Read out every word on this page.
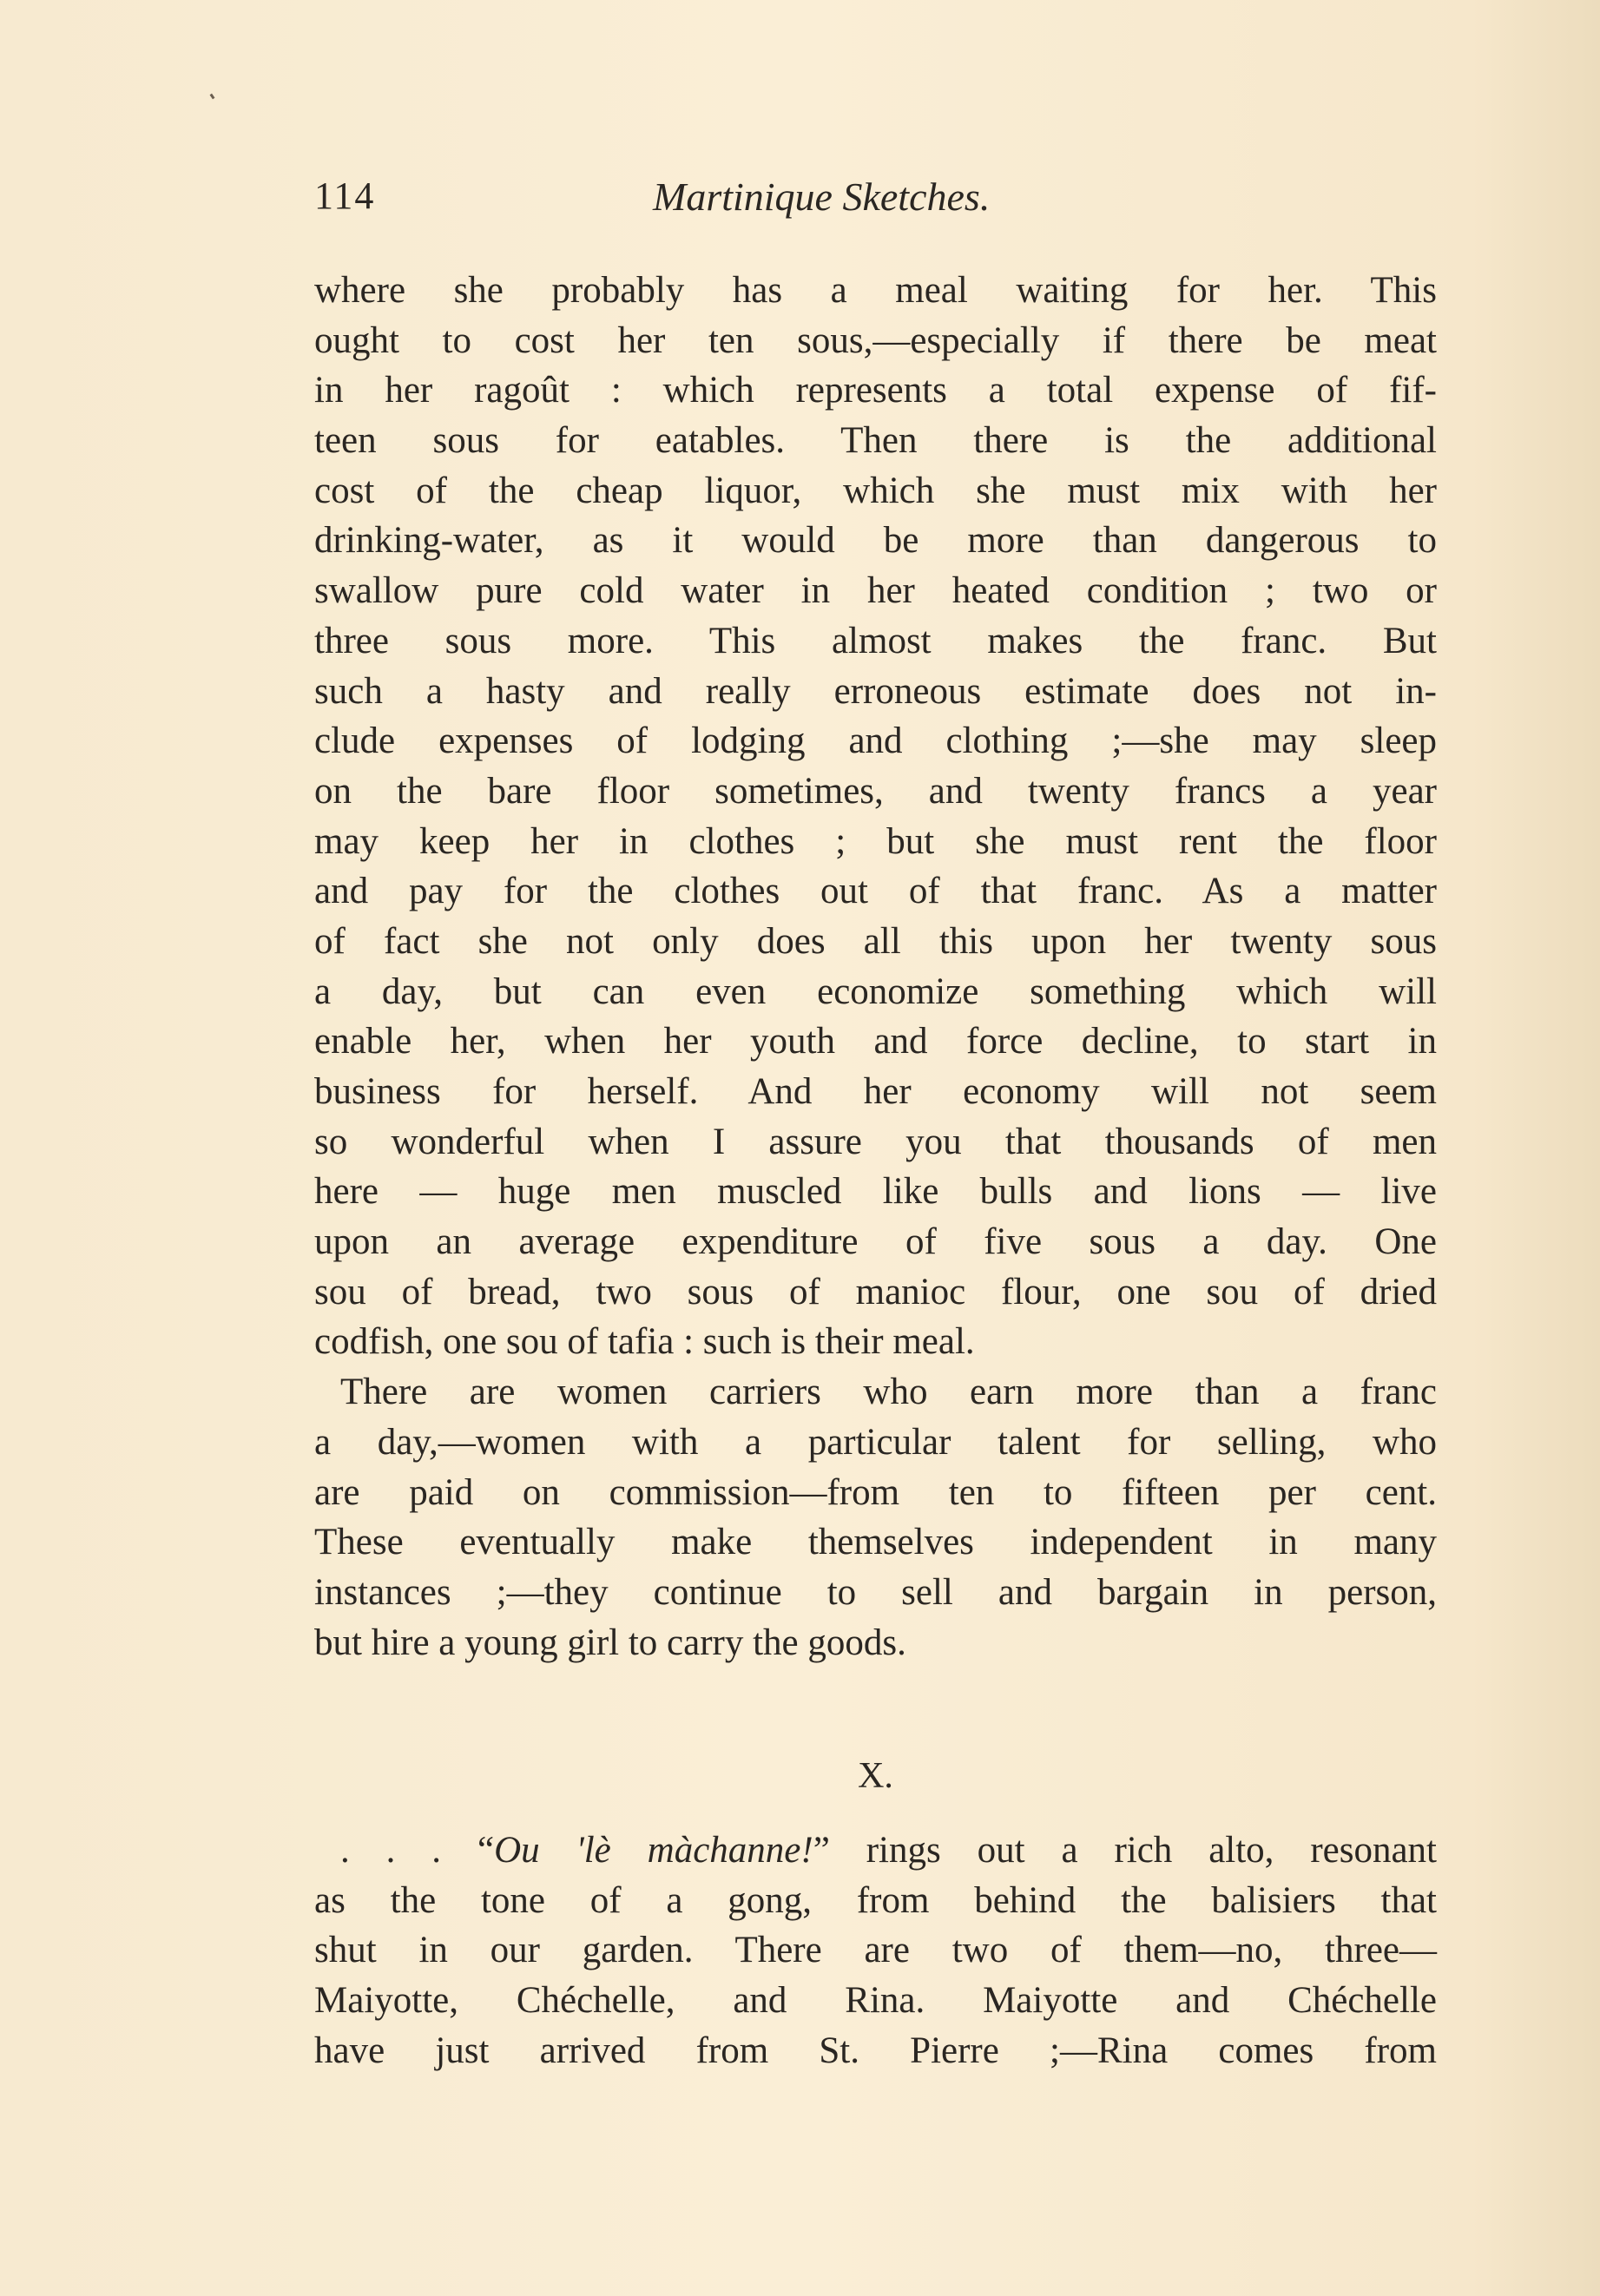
114	Martinique Sketches.
where she probably has a meal waiting for her. This
ought to cost her ten sous,—especially if there be meat
in her ragoût : which represents a total expense of fif-
teen sous for eatables. Then there is the additional
cost of the cheap liquor, which she must mix with her
drinking-water, as it would be more than dangerous to
swallow pure cold water in her heated condition ; two or
three sous more. This almost makes the franc. But
such a hasty and really erroneous estimate does not in-
clude expenses of lodging and clothing ;—she may sleep
on the bare floor sometimes, and twenty francs a year
may keep her in clothes ; but she must rent the floor
and pay for the clothes out of that franc. As a matter
of fact she not only does all this upon her twenty sous
a day, but can even economize something which will
enable her, when her youth and force decline, to start in
business for herself. And her economy will not seem
so wonderful when I assure you that thousands of men
here — huge men muscled like bulls and lions — live
upon an average expenditure of five sous a day. One
sou of bread, two sous of manioc flour, one sou of dried
codfish, one sou of tafia : such is their meal.
There are women carriers who earn more than a franc
a day,—women with a particular talent for selling, who
are paid on commission—from ten to fifteen per cent.
These eventually make themselves independent in many
instances ;—they continue to sell and bargain in person,
but hire a young girl to carry the goods.
X.
. . . “Ou 'lè màchanne!” rings out a rich alto, resonant
as the tone of a gong, from behind the balisiers that
shut in our garden. There are two of them—no, three—
Maiyotte, Chéchelle, and Rina. Maiyotte and Chéchelle
have just arrived from St. Pierre ;—Rina comes from
